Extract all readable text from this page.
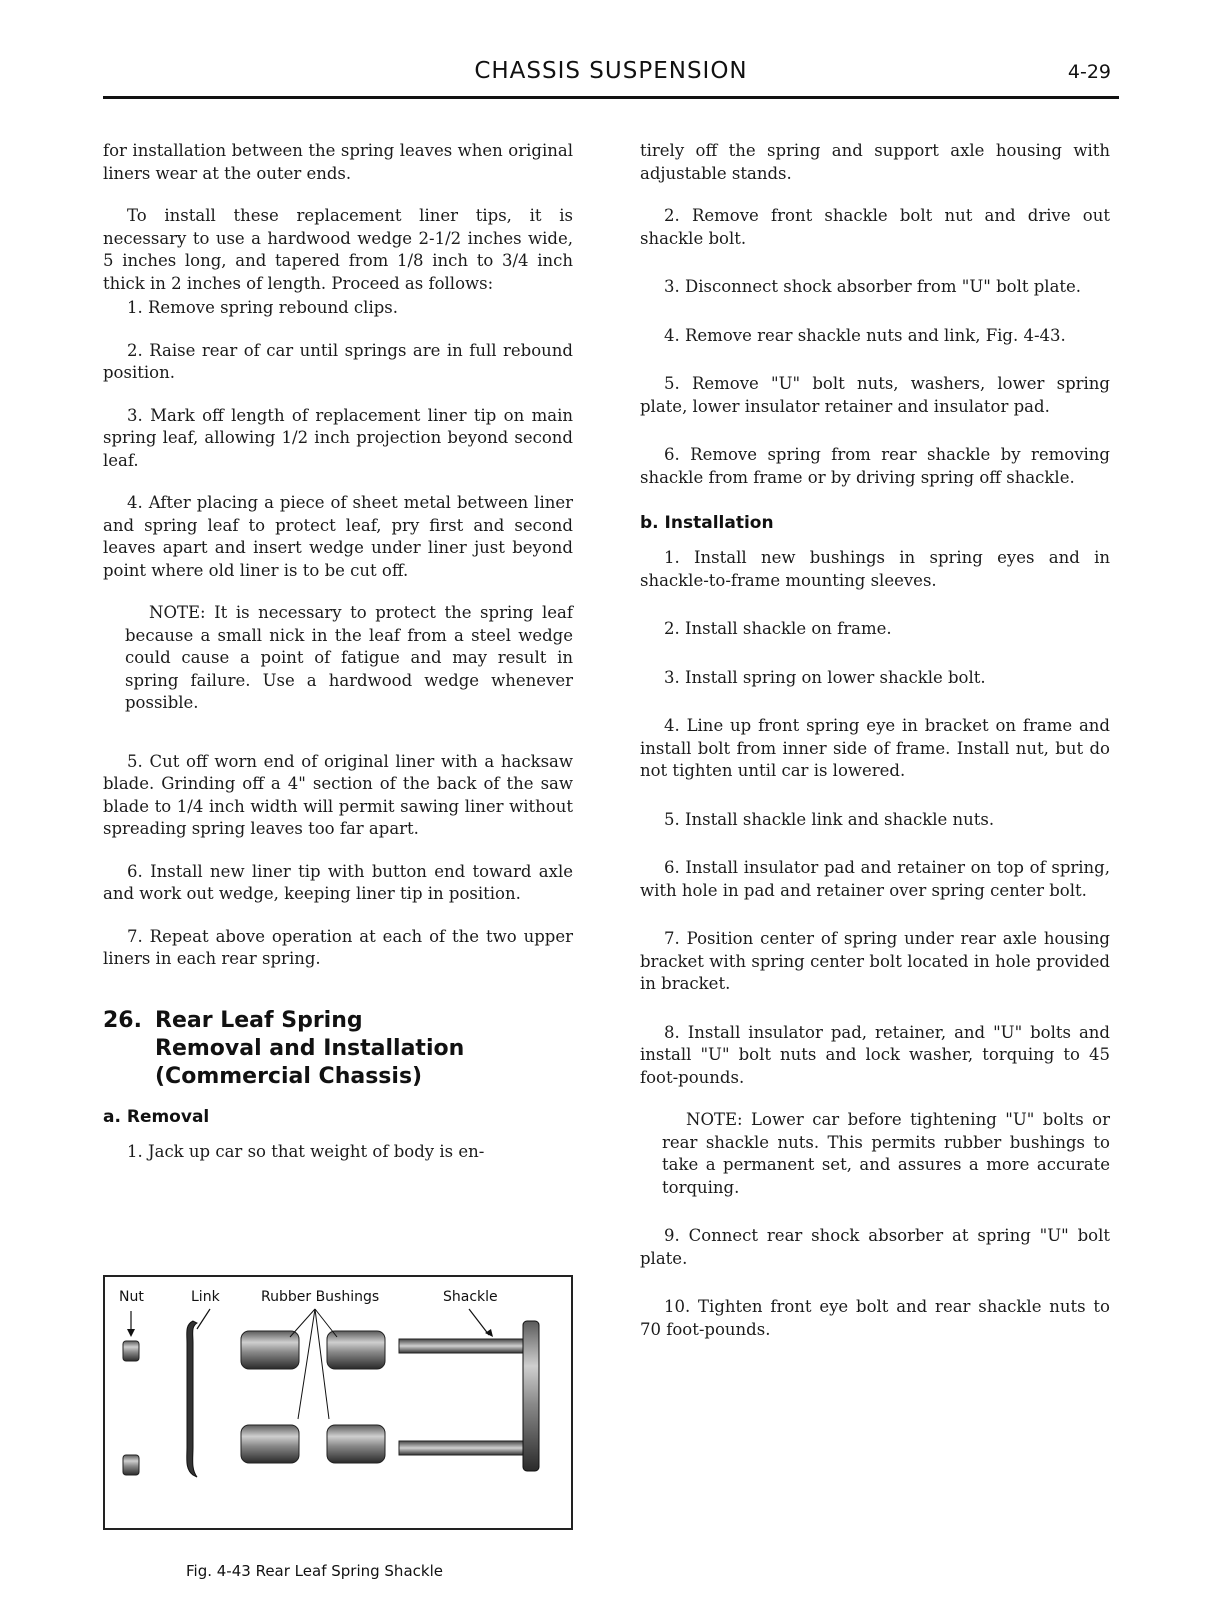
CHASSIS SUSPENSION	4-29

for installation between the spring leaves when original liners wear at the outer ends.

To install these replacement liner tips, it is necessary to use a hardwood wedge 2-1/2 inches wide, 5 inches long, and tapered from 1/8 inch to 3/4 inch thick in 2 inches of length. Proceed as follows:

1. Remove spring rebound clips.

2. Raise rear of car until springs are in full rebound position.

3. Mark off length of replacement liner tip on main spring leaf, allowing 1/2 inch projection beyond second leaf.

4. After placing a piece of sheet metal between liner and spring leaf to protect leaf, pry first and second leaves apart and insert wedge under liner just beyond point where old liner is to be cut off.

NOTE: It is necessary to protect the spring leaf because a small nick in the leaf from a steel wedge could cause a point of fatigue and may result in spring failure. Use a hardwood wedge whenever possible.

5. Cut off worn end of original liner with a hacksaw blade. Grinding off a 4" section of the back of the saw blade to 1/4 inch width will permit sawing liner without spreading spring leaves too far apart.

6. Install new liner tip with button end toward axle and work out wedge, keeping liner tip in position.

7. Repeat above operation at each of the two upper liners in each rear spring.

26. Rear Leaf Spring
Removal and Installation
(Commercial Chassis)
a. Removal

1. Jack up car so that weight of body is en-

Nut	Link	Rubber Bushings	Shackle
Fig. 4-43 Rear Leaf Spring Shackle

tirely off the spring and support axle housing with adjustable stands.

2. Remove front shackle bolt nut and drive out shackle bolt.

3. Disconnect shock absorber from "U" bolt plate.

4. Remove rear shackle nuts and link, Fig. 4-43.

5. Remove "U" bolt nuts, washers, lower spring plate, lower insulator retainer and insulator pad.

6. Remove spring from rear shackle by removing shackle from frame or by driving spring off shackle.

b. Installation

1. Install new bushings in spring eyes and in shackle-to-frame mounting sleeves.

2. Install shackle on frame.

3. Install spring on lower shackle bolt.

4. Line up front spring eye in bracket on frame and install bolt from inner side of frame. Install nut, but do not tighten until car is lowered.

5. Install shackle link and shackle nuts.

6. Install insulator pad and retainer on top of spring, with hole in pad and retainer over spring center bolt.

7. Position center of spring under rear axle housing bracket with spring center bolt located in hole provided in bracket.

8. Install insulator pad, retainer, and "U" bolts and install "U" bolt nuts and lock washer, torquing to 45 foot-pounds.

NOTE: Lower car before tightening "U" bolts or rear shackle nuts. This permits rubber bushings to take a permanent set, and assures a more accurate torquing.

9. Connect rear shock absorber at spring "U" bolt plate.

10. Tighten front eye bolt and rear shackle nuts to 70 foot-pounds.
